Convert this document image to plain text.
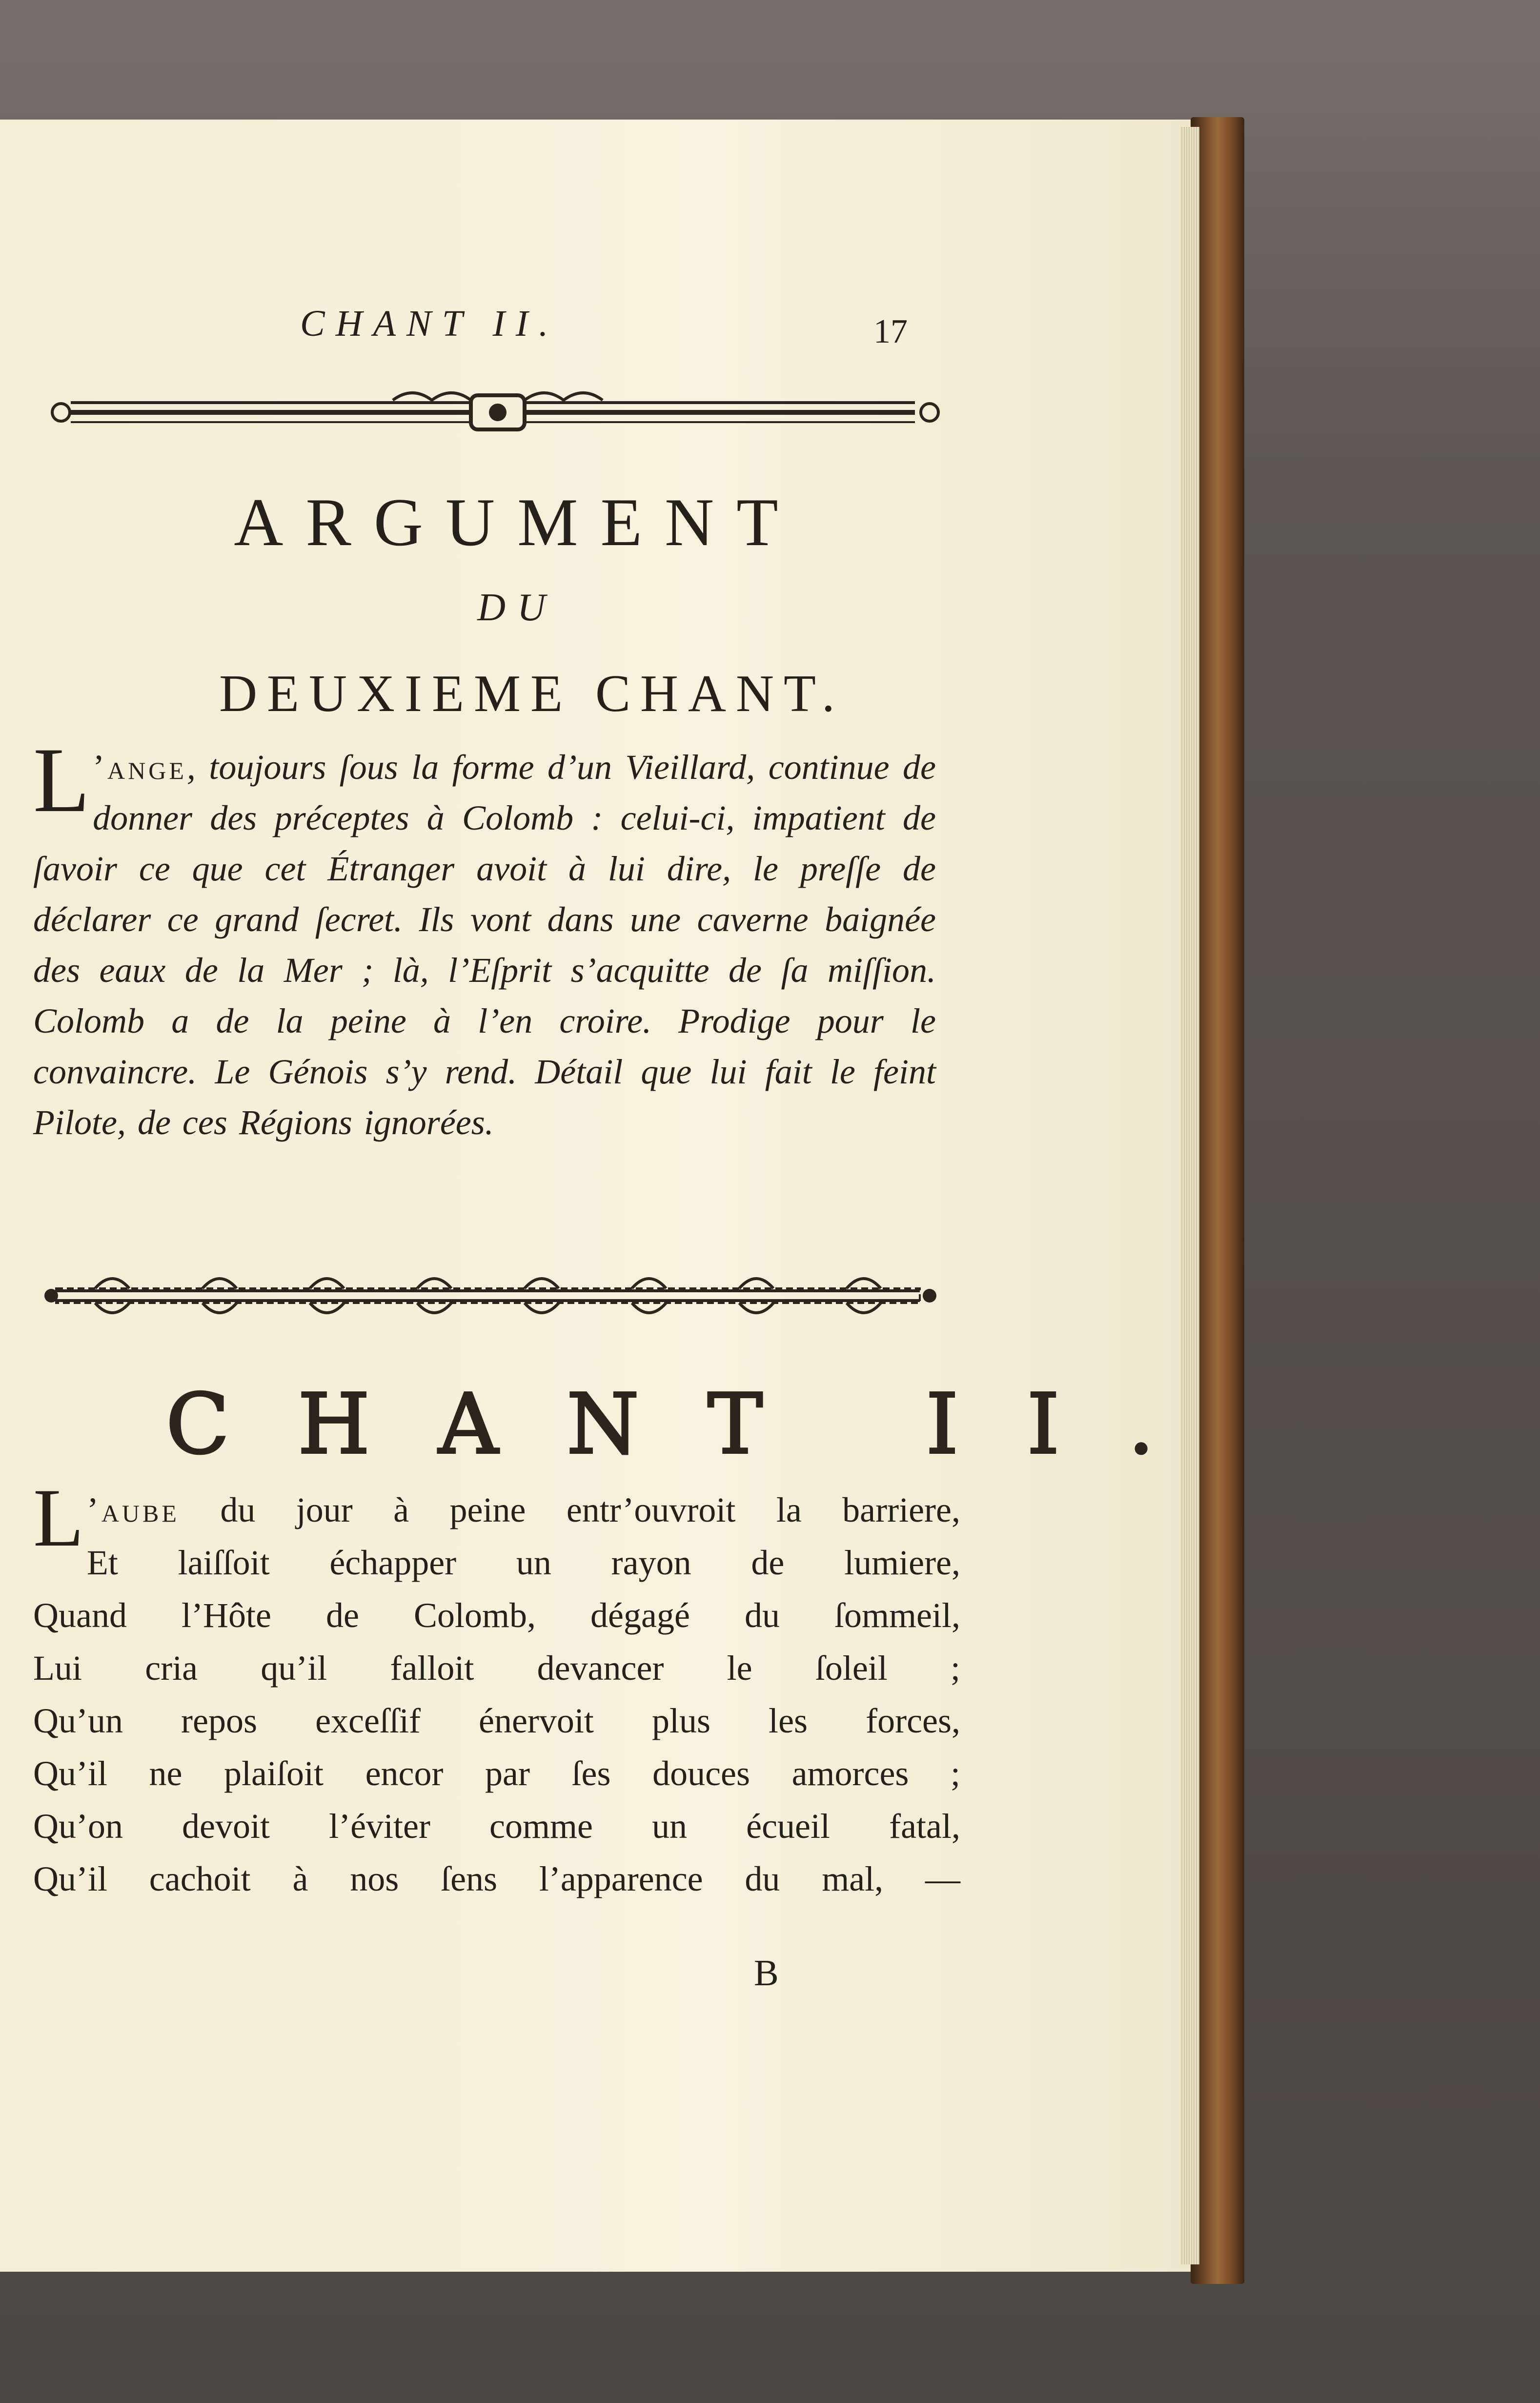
CHANT II.	17
ARGUMENT
DU
DEUXIEME CHANT.
L ’ange, toujours ſous la forme d’un Vieillard, continue de donner des préceptes à Colomb : celui-ci, impatient de ſavoir ce que cet Étranger avoit à lui dire, le preſſe de déclarer ce grand ſecret. Ils vont dans une caverne baignée des eaux de la Mer ; là, l’Eſprit s’acquitte de ſa miſſion. Colomb a de la peine à l’en croire. Prodige pour le convaincre. Le Génois s’y rend. Détail que lui fait le feint Pilote, de ces Régions ignorées.
CHANT II.
L ’aube du jour à peine entr’ouvroit la barriere,
Et laiſſoit échapper un rayon de lumiere,
Quand l’Hôte de Colomb, dégagé du ſommeil,
Lui cria qu’il falloit devancer le ſoleil ;
Qu’un repos exceſſif énervoit plus les forces,
Qu’il ne plaiſoit encor par ſes douces amorces ;
Qu’on devoit l’éviter comme un écueil fatal,
Qu’il cachoit à nos ſens l’apparence du mal, —
B
